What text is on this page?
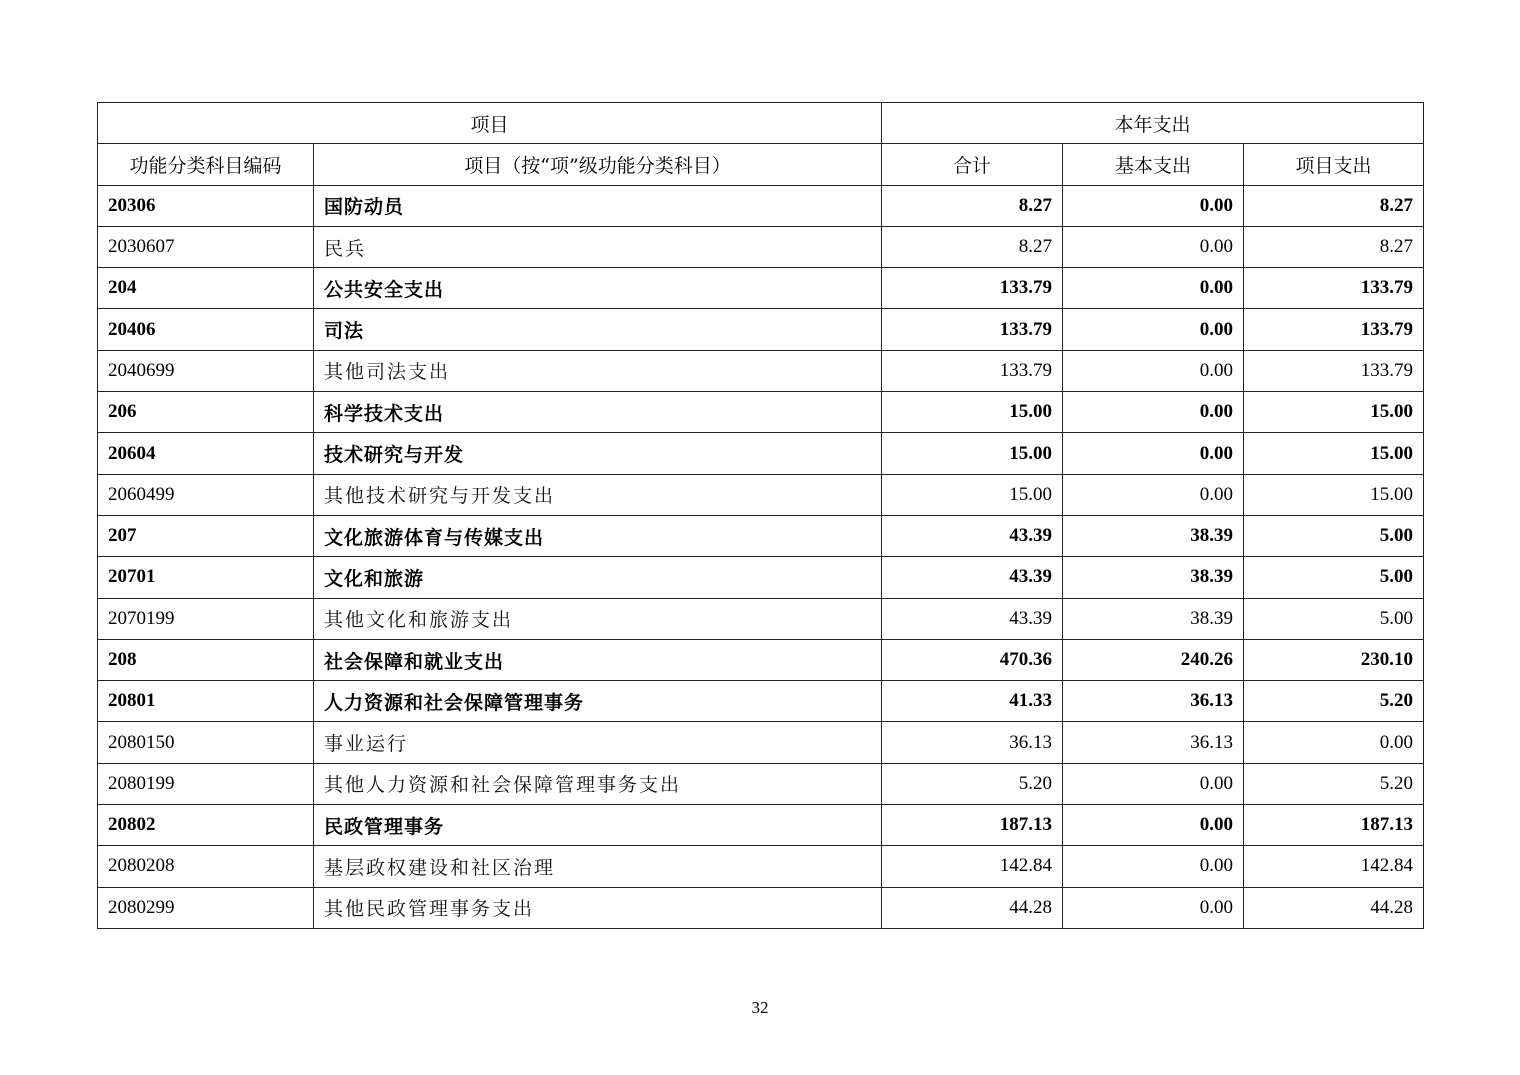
项目		本年支出		
功能分类科目编码	项目（按“项”级功能分类科目）	合计	基本支出	项目支出
20306	国防动员	8.27	0.00	8.27
2030607	民兵	8.27	0.00	8.27
204	公共安全支出	133.79	0.00	133.79
20406	司法	133.79	0.00	133.79
2040699	其他司法支出	133.79	0.00	133.79
206	科学技术支出	15.00	0.00	15.00
20604	技术研究与开发	15.00	0.00	15.00
2060499	其他技术研究与开发支出	15.00	0.00	15.00
207	文化旅游体育与传媒支出	43.39	38.39	5.00
20701	文化和旅游	43.39	38.39	5.00
2070199	其他文化和旅游支出	43.39	38.39	5.00
208	社会保障和就业支出	470.36	240.26	230.10
20801	人力资源和社会保障管理事务	41.33	36.13	5.20
2080150	事业运行	36.13	36.13	0.00
2080199	其他人力资源和社会保障管理事务支出	5.20	0.00	5.20
20802	民政管理事务	187.13	0.00	187.13
2080208	基层政权建设和社区治理	142.84	0.00	142.84
2080299	其他民政管理事务支出	44.28	0.00	44.28
32
